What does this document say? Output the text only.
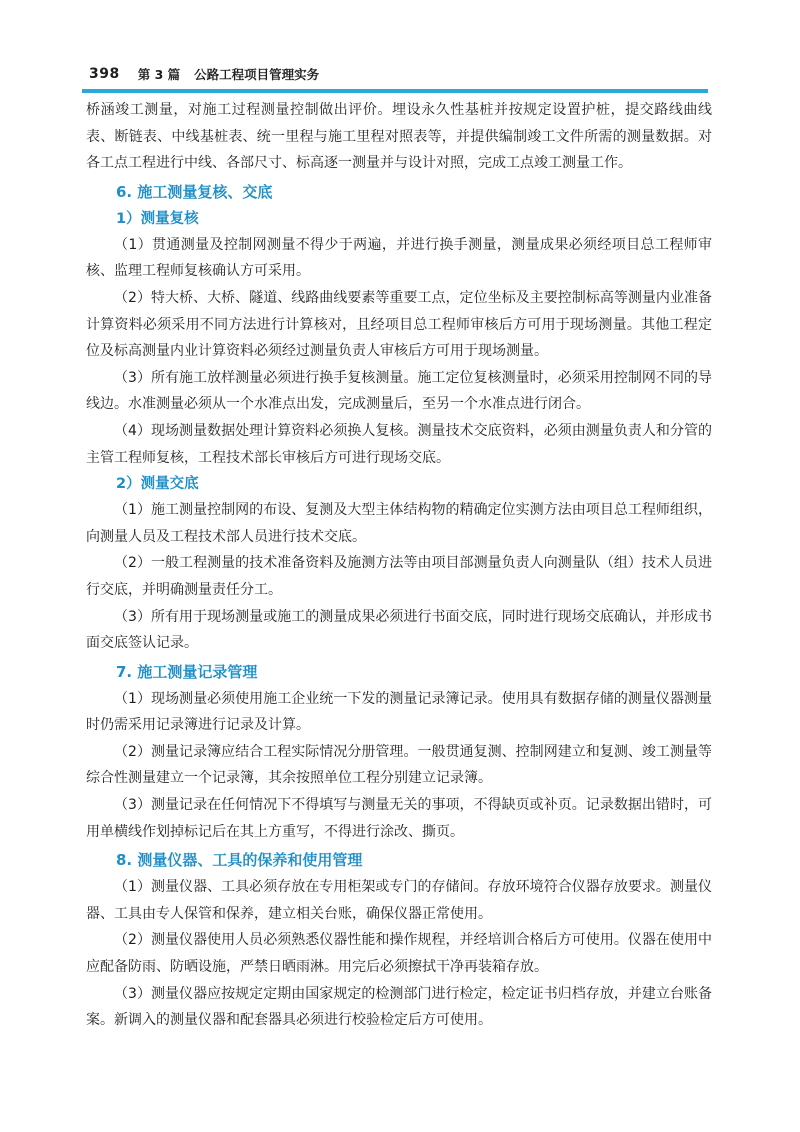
398 第 3 篇 公路工程项目管理实务

桥涵竣工测量，对施工过程测量控制做出评价。埋设永久性基桩并按规定设置护桩，提交路线曲线表、断链表、中线基桩表、统一里程与施工里程对照表等，并提供编制竣工文件所需的测量数据。对各工点工程进行中线、各部尺寸、标高逐一测量并与设计对照，完成工点竣工测量工作。

6. 施工测量复核、交底
1）测量复核

（1）贯通测量及控制网测量不得少于两遍，并进行换手测量，测量成果必须经项目总工程师审核、监理工程师复核确认方可采用。

（2）特大桥、大桥、隧道、线路曲线要素等重要工点，定位坐标及主要控制标高等测量内业准备计算资料必须采用不同方法进行计算核对，且经项目总工程师审核后方可用于现场测量。其他工程定位及标高测量内业计算资料必须经过测量负责人审核后方可用于现场测量。

（3）所有施工放样测量必须进行换手复核测量。施工定位复核测量时，必须采用控制网不同的导线边。水准测量必须从一个水准点出发，完成测量后，至另一个水准点进行闭合。

（4）现场测量数据处理计算资料必须换人复核。测量技术交底资料，必须由测量负责人和分管的主管工程师复核，工程技术部长审核后方可进行现场交底。

2）测量交底

（1）施工测量控制网的布设、复测及大型主体结构物的精确定位实测方法由项目总工程师组织，向测量人员及工程技术部人员进行技术交底。

（2）一般工程测量的技术准备资料及施测方法等由项目部测量负责人向测量队（组）技术人员进行交底，并明确测量责任分工。

（3）所有用于现场测量或施工的测量成果必须进行书面交底，同时进行现场交底确认，并形成书面交底签认记录。

7. 施工测量记录管理

（1）现场测量必须使用施工企业统一下发的测量记录簿记录。使用具有数据存储的测量仪器测量时仍需采用记录簿进行记录及计算。

（2）测量记录簿应结合工程实际情况分册管理。一般贯通复测、控制网建立和复测、竣工测量等综合性测量建立一个记录簿，其余按照单位工程分别建立记录簿。

（3）测量记录在任何情况下不得填写与测量无关的事项，不得缺页或补页。记录数据出错时，可用单横线作划掉标记后在其上方重写，不得进行涂改、撕页。

8. 测量仪器、工具的保养和使用管理

（1）测量仪器、工具必须存放在专用柜架或专门的存储间。存放环境符合仪器存放要求。测量仪器、工具由专人保管和保养，建立相关台账，确保仪器正常使用。

（2）测量仪器使用人员必须熟悉仪器性能和操作规程，并经培训合格后方可使用。仪器在使用中应配备防雨、防晒设施，严禁日晒雨淋。用完后必须擦拭干净再装箱存放。

（3）测量仪器应按规定定期由国家规定的检测部门进行检定，检定证书归档存放，并建立台账备案。新调入的测量仪器和配套器具必须进行校验检定后方可使用。
